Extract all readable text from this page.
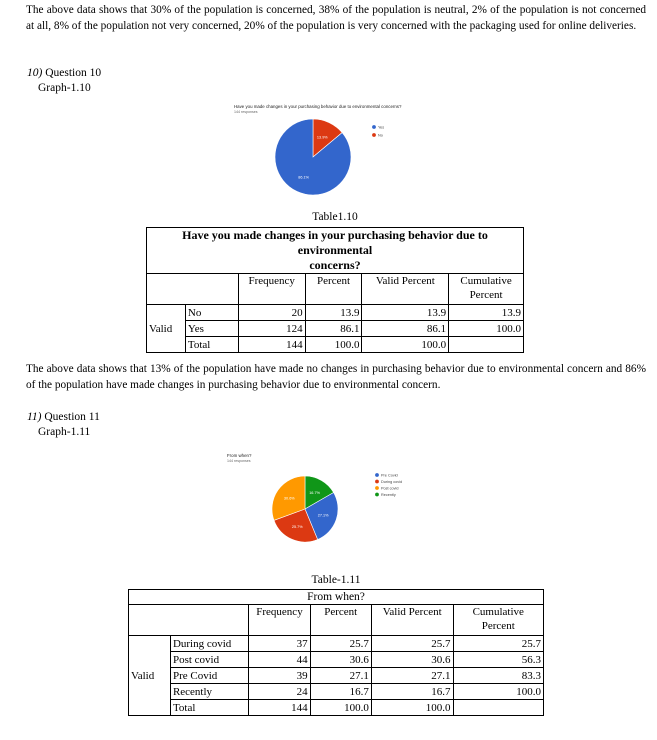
The above data shows that 30% of the population is concerned, 38% of the population is neutral, 2% of the population is not concerned at all, 8% of the population not very concerned, 20% of the population is very concerned with the packaging used for online deliveries.
10) Question 10
Graph-1.10
Have you made changes in your purchasing behavior due to environmental concerns?
144 responses
13.9%
86.1%
Yes
No
Table1.10
Have you made changes in your purchasing behavior due to environmental
concerns?					

		Frequency	Percent	Valid Percent	Cumulative
Percent

Valid	No	20	13.9	13.9	13.9
	Yes	124	86.1	86.1	100.0
	Total	144	100.0	100.0	
The above data shows that 13% of the population have made no changes in purchasing behavior due to environmental concern and 86% of the population have made changes in purchasing behavior due to environmental concern.
11) Question 11
Graph-1.11
From when?
144 responses
16.7%
27.1%
25.7%
30.6%
Pre Covid
During covid
Post covid
Recently
Table-1.11
From when?					
		Frequency	Percent	Valid Percent	Cumulative
Percent

Valid	During covid	37	25.7	25.7	25.7
	Post covid	44	30.6	30.6	56.3
	Pre Covid	39	27.1	27.1	83.3
	Recently	24	16.7	16.7	100.0
	Total	144	100.0	100.0	
